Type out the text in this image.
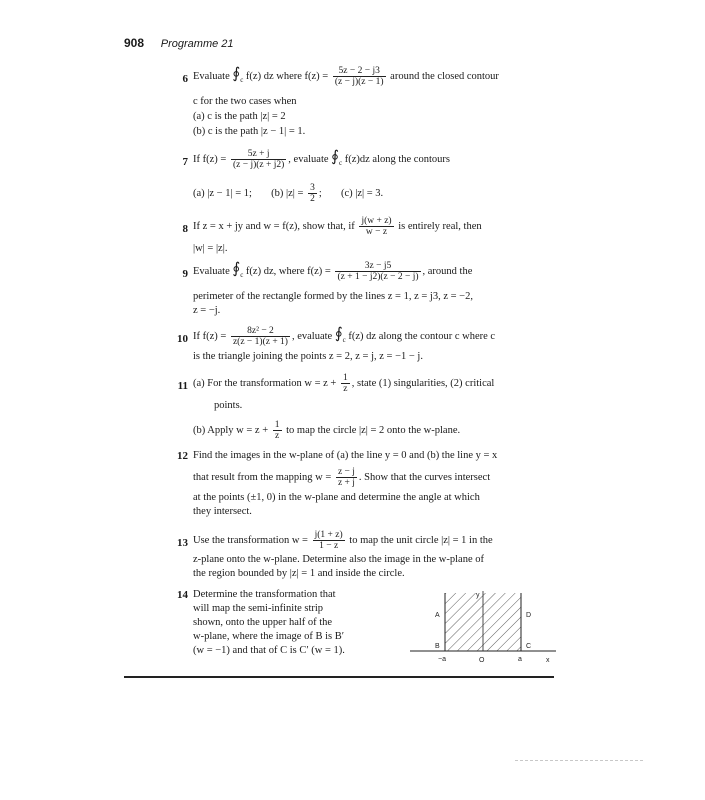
908 Programme 21
6 Evaluate $∮_c$ f(z) dz where $f(z) = \frac{5z - 2 - j3}{(z - j)(z - 1)}$ around the closed contour
c for the two cases when
(a) c is the path |z| = 2
(b) c is the path |z − 1| = 1.
7 If $f(z) = \frac{5z + j}{(z - j)(z + j2)}$ , evaluate $∮_c$ f(z)dz along the contours
(a) |z − 1| = 1; (b) $|z| = \frac{3}{2}$ ; (c) |z| = 3.
8 If z = x + jy and w = f(z), show that, if $\frac{j(w + z)}{w - z}$ is entirely real, then
|w| = |z|.
9 Evaluate $∮_c$ f(z) dz, where $f(z) = \frac{3z - j5}{(z + 1 - j2)(z - 2 - j)}$ , around the
perimeter of the rectangle formed by the lines z = 1, z = j3, z = −2,
z = −j.
10 If $f(z) = \frac{\text{8z² − 2}}{z(z - 1)(z + 1)}$ , evaluate $∮_c$ f(z) dz along the contour c where c
is the triangle joining the points z = 2, z = j, z = −1 − j.
11 (a) For the transformation $w = z + \frac{1}{z}$ , state (1) singularities, (2) critical
points.
(b) Apply $w = z + \frac{1}{z}$ to map the circle |z| = 2 onto the w-plane.
12 Find the images in the w-plane of (a) the line y = 0 and (b) the line y = x
that result from the mapping $w = \frac{z - j}{z + j}$ . Show that the curves intersect
at the points (±1, 0) in the w-plane and determine the angle at which
they intersect.
13 Use the transformation $w = \frac{j(1 + z)}{1 - z}$ to map the unit circle |z| = 1 in the
z-plane onto the w-plane. Determine also the image in the w-plane of
the region bounded by |z| = 1 and inside the circle.
14 Determine the transformation that
will map the semi-infinite strip
shown, onto the upper half of the
w-plane, where the image of B is B′
(w = −1) and that of C is C′ (w = 1).
y
A	D
B	C
−a	O	a	x
